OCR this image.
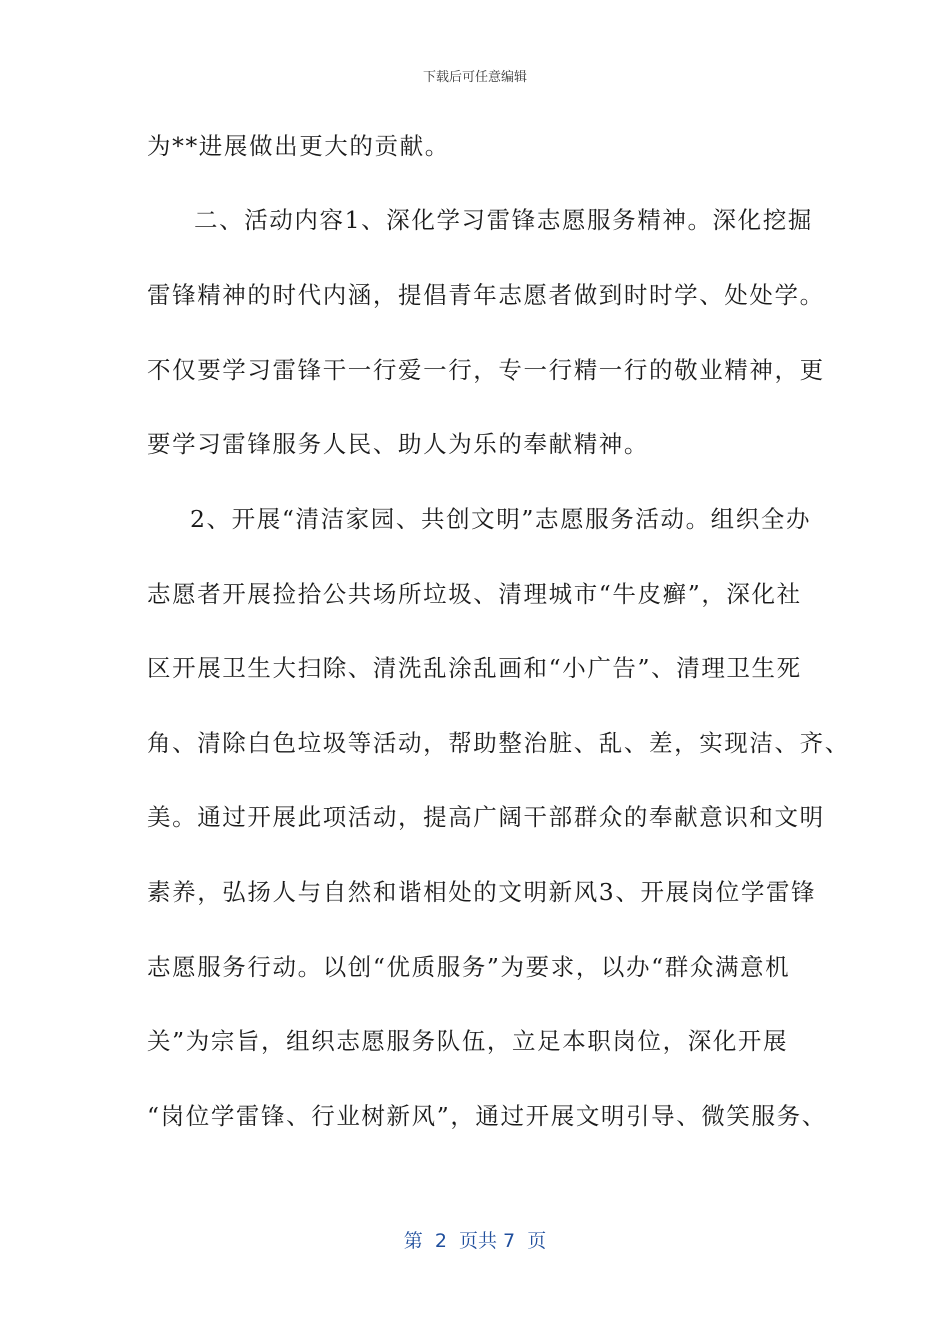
下载后可任意编辑
为**进展做出更大的贡献。
二、活动内容1、深化学习雷锋志愿服务精神。深化挖掘
雷锋精神的时代内涵，提倡青年志愿者做到时时学、处处学。
不仅要学习雷锋干一行爱一行，专一行精一行的敬业精神，更
要学习雷锋服务人民、助人为乐的奉献精神。
2、开展“清洁家园、共创文明”志愿服务活动。组织全办
志愿者开展捡拾公共场所垃圾、清理城市“牛皮癣”，深化社
区开展卫生大扫除、清洗乱涂乱画和“小广告”、清理卫生死
角、清除白色垃圾等活动，帮助整治脏、乱、差，实现洁、齐、
美。通过开展此项活动，提高广阔干部群众的奉献意识和文明
素养，弘扬人与自然和谐相处的文明新风3、开展岗位学雷锋
志愿服务行动。以创“优质服务”为要求，以办“群众满意机
关”为宗旨，组织志愿服务队伍，立足本职岗位，深化开展
“岗位学雷锋、行业树新风”，通过开展文明引导、微笑服务、
第  2  页共 7  页
